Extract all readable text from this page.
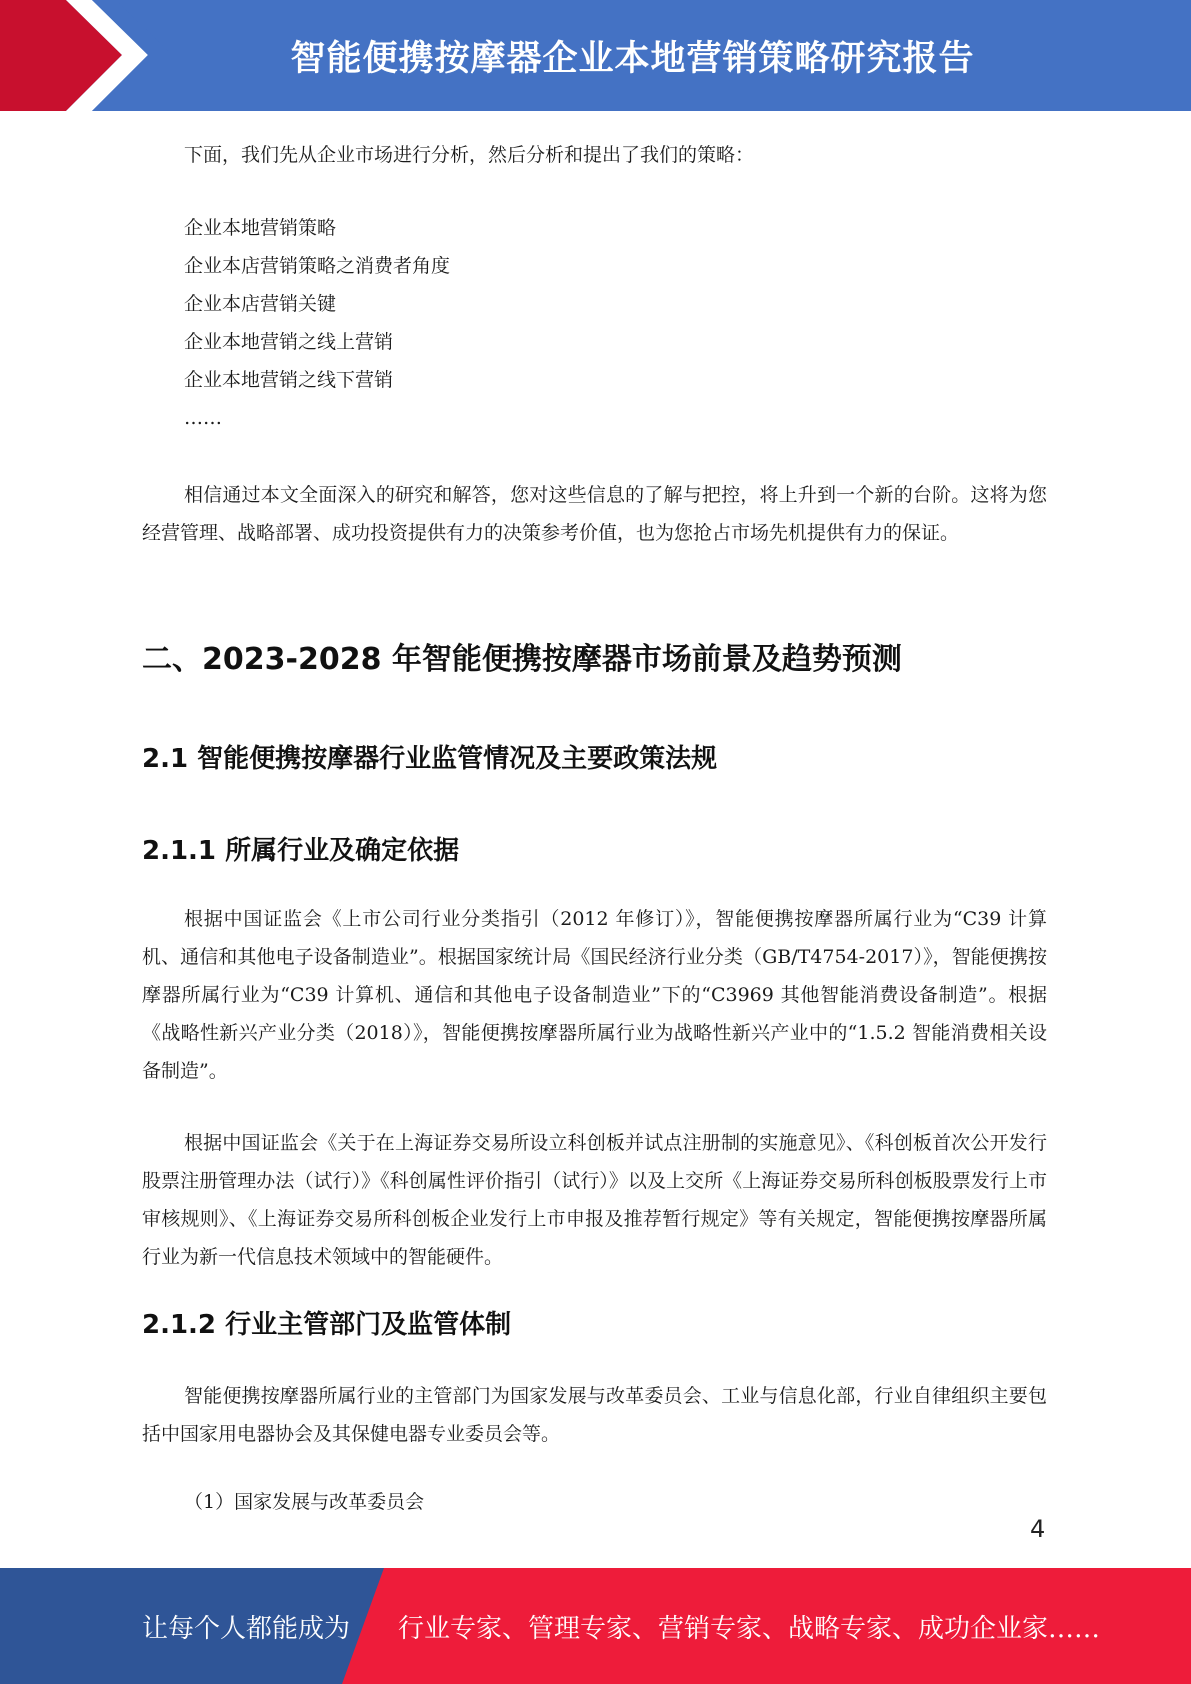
智能便携按摩器企业本地营销策略研究报告

下面，我们先从企业市场进行分析，然后分析和提出了我们的策略：

企业本地营销策略
企业本店营销策略之消费者角度
企业本店营销关键
企业本地营销之线上营销
企业本地营销之线下营销
……

相信通过本文全面深入的研究和解答，您对这些信息的了解与把控，将上升到一个新的台阶。这将为您经营管理、战略部署、成功投资提供有力的决策参考价值，也为您抢占市场先机提供有力的保证。

二、2023-2028 年智能便携按摩器市场前景及趋势预测
2.1 智能便携按摩器行业监管情况及主要政策法规
2.1.1 所属行业及确定依据

根据中国证监会《上市公司行业分类指引（2012 年修订）》，智能便携按摩器所属行业为“C39 计算机、通信和其他电子设备制造业”。根据国家统计局《国民经济行业分类（GB/T4754-2017）》，智能便携按摩器所属行业为“C39 计算机、通信和其他电子设备制造业”下的“C3969 其他智能消费设备制造”。根据《战略性新兴产业分类（2018）》，智能便携按摩器所属行业为战略性新兴产业中的“1.5.2 智能消费相关设备制造”。

根据中国证监会《关于在上海证券交易所设立科创板并试点注册制的实施意见》、《科创板首次公开发行股票注册管理办法（试行）》《科创属性评价指引（试行）》以及上交所《上海证券交易所科创板股票发行上市审核规则》、《上海证券交易所科创板企业发行上市申报及推荐暂行规定》等有关规定，智能便携按摩器所属行业为新一代信息技术领域中的智能硬件。

2.1.2 行业主管部门及监管体制

智能便携按摩器所属行业的主管部门为国家发展与改革委员会、工业与信息化部，行业自律组织主要包括中国家用电器协会及其保健电器专业委员会等。

（1）国家发展与改革委员会
4
让每个人都能成为 行业专家、管理专家、营销专家、战略专家、成功企业家……
